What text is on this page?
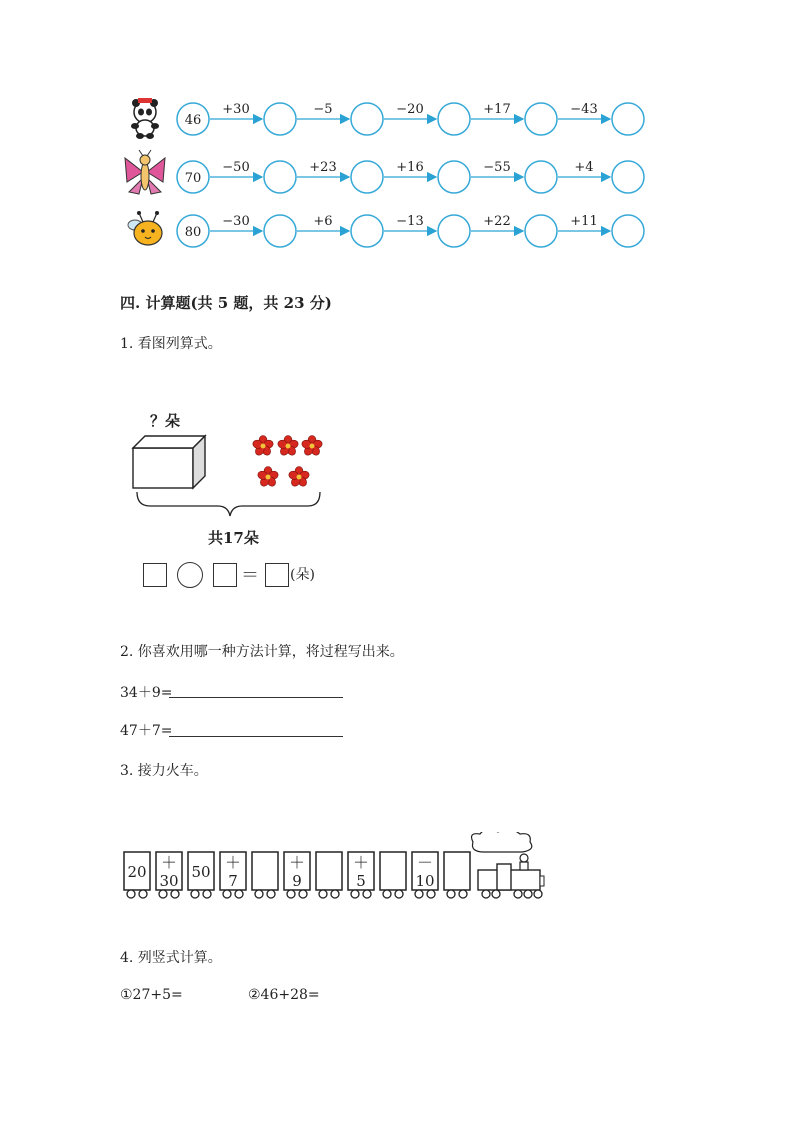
46
+30	−5	−20	+17	−43
70
−50	+23	+16	−55	+4
80
−30	+6	−13	+22	+11
四. 计算题(共 5 题，共 23 分)
1. 看图列算式。
？朵
共17朵
＝ (朵)
2. 你喜欢用哪一种方法计算，将过程写出来。
34＋9=
47＋7=
3. 接力火车。
20 ＋
30 50 ＋
7
＋
9
＋
5
－
10
4. 列竖式计算。
①27+5=	②46+28=
